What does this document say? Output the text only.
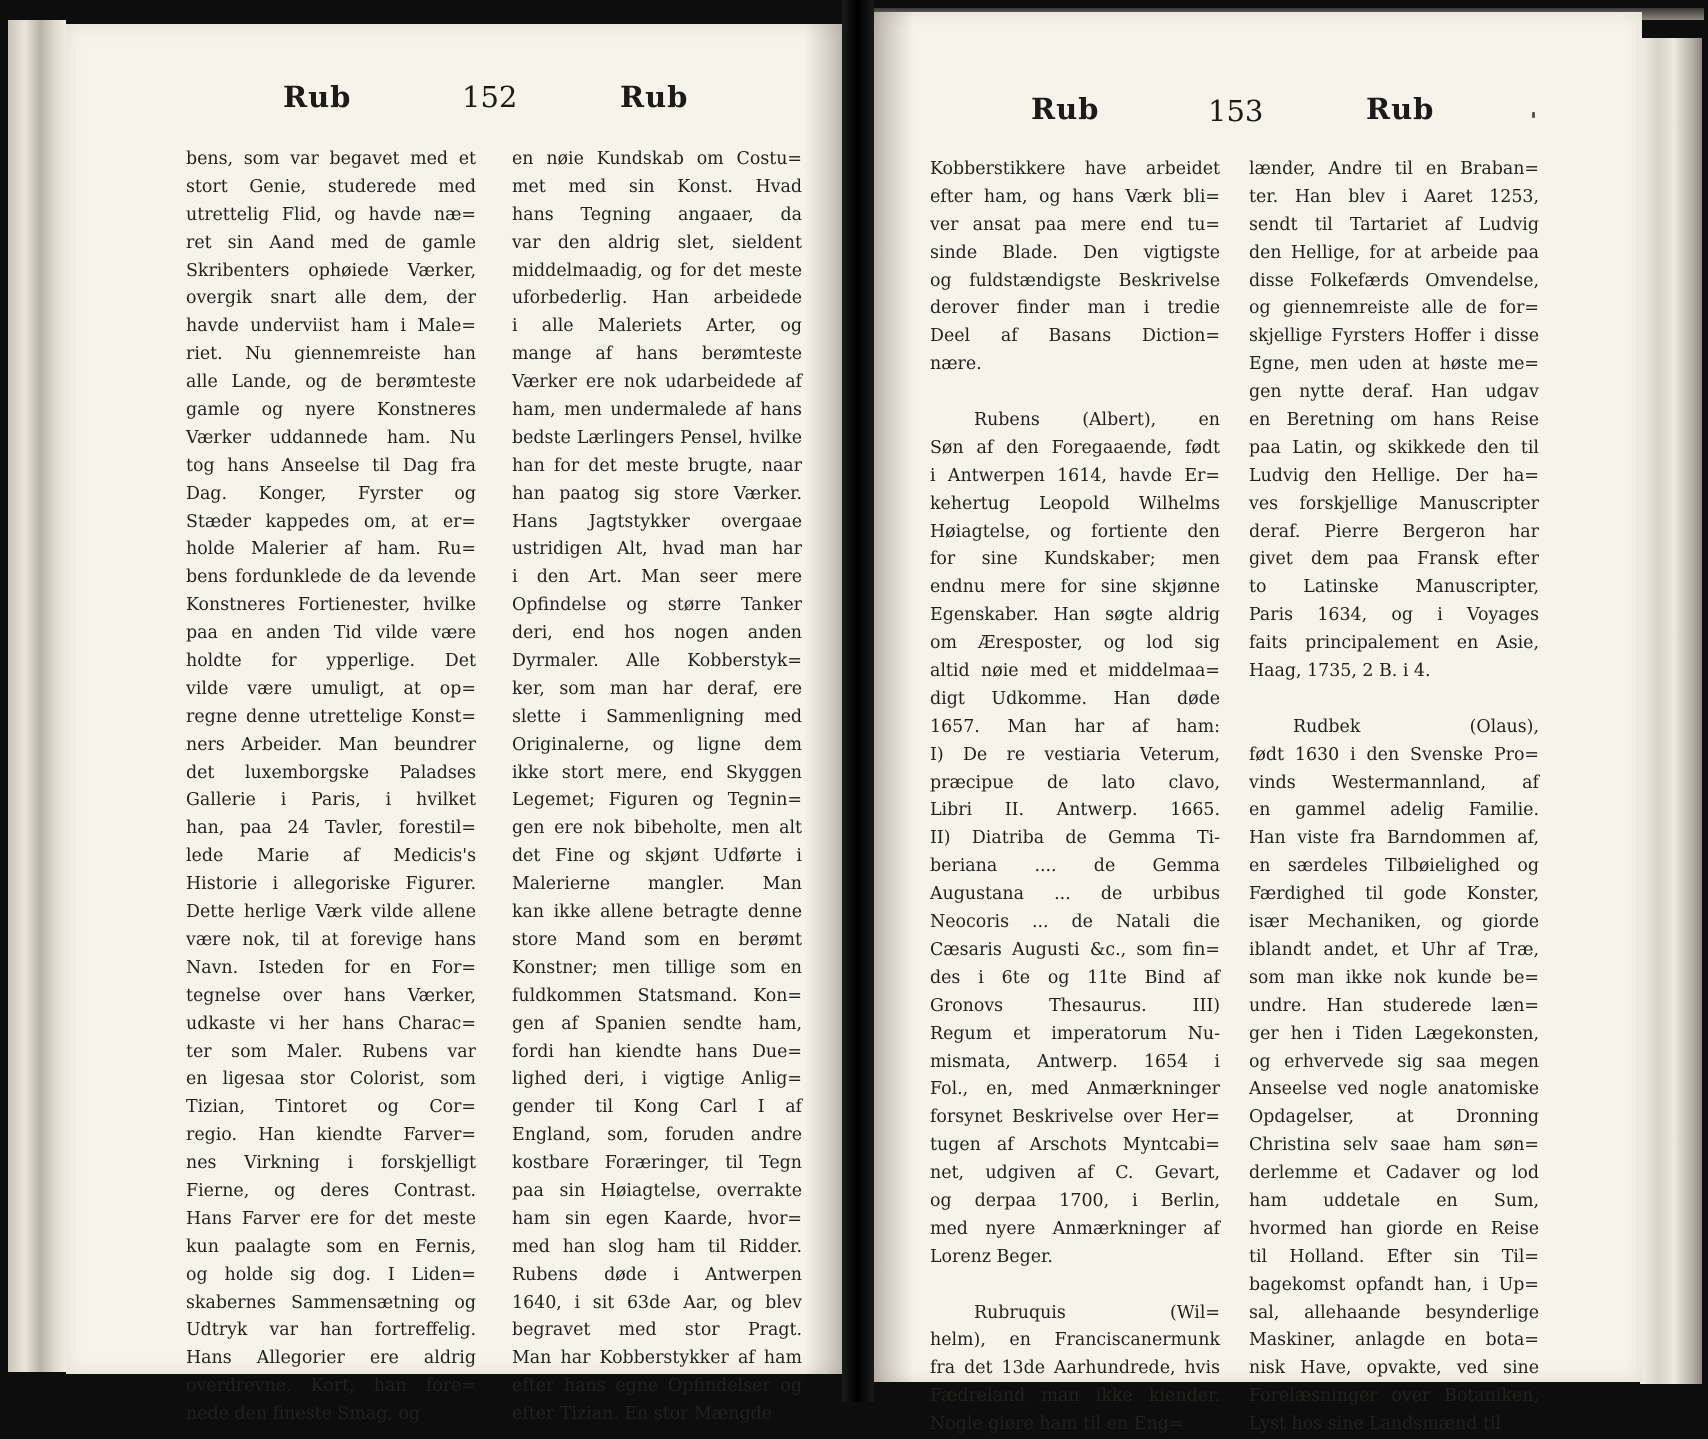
Rub	152	Rub
bens, som var begavet med et
stort Genie, studerede med
utrettelig Flid, og havde næ=
ret sin Aand med de gamle
Skribenters ophøiede Værker,
overgik snart alle dem, der
havde underviist ham i Male=
riet. Nu giennemreiste han
alle Lande, og de berømteste
gamle og nyere Konstneres
Værker uddannede ham. Nu
tog hans Anseelse til Dag fra
Dag. Konger, Fyrster og
Stæder kappedes om, at er=
holde Malerier af ham. Ru=
bens fordunklede de da levende
Konstneres Fortienester, hvilke
paa en anden Tid vilde være
holdte for ypperlige. Det
vilde være umuligt, at op=
regne denne utrettelige Konst=
ners Arbeider. Man beundrer
det luxemborgske Paladses
Gallerie i Paris, i hvilket
han, paa 24 Tavler, forestil=
lede Marie af Medicis's
Historie i allegoriske Figurer.
Dette herlige Værk vilde allene
være nok, til at forevige hans
Navn. Isteden for en For=
tegnelse over hans Værker,
udkaste vi her hans Charac=
ter som Maler. Rubens var
en ligesaa stor Colorist, som
Tizian, Tintoret og Cor=
regio. Han kiendte Farver=
nes Virkning i forskjelligt
Fierne, og deres Contrast.
Hans Farver ere for det meste
kun paalagte som en Fernis,
og holde sig dog. I Liden=
skabernes Sammensætning og
Udtryk var han fortreffelig.
Hans Allegorier ere aldrig
overdrevne. Kort, han fore=
nede den fineste Smag, og
en nøie Kundskab om Costu=
met med sin Konst. Hvad
hans Tegning angaaer, da
var den aldrig slet, sieldent
middelmaadig, og for det meste
uforbederlig. Han arbeidede
i alle Maleriets Arter, og
mange af hans berømteste
Værker ere nok udarbeidede af
ham, men undermalede af hans
bedste Lærlingers Pensel, hvilke
han for det meste brugte, naar
han paatog sig store Værker.
Hans Jagtstykker overgaae
ustridigen Alt, hvad man har
i den Art. Man seer mere
Opfindelse og større Tanker
deri, end hos nogen anden
Dyrmaler. Alle Kobberstyk=
ker, som man har deraf, ere
slette i Sammenligning med
Originalerne, og ligne dem
ikke stort mere, end Skyggen
Legemet; Figuren og Tegnin=
gen ere nok bibeholte, men alt
det Fine og skjønt Udførte i
Malerierne mangler. Man
kan ikke allene betragte denne
store Mand som en berømt
Konstner; men tillige som en
fuldkommen Statsmand. Kon=
gen af Spanien sendte ham,
fordi han kiendte hans Due=
lighed deri, i vigtige Anlig=
gender til Kong Carl I af
England, som, foruden andre
kostbare Foræringer, til Tegn
paa sin Høiagtelse, overrakte
ham sin egen Kaarde, hvor=
med han slog ham til Ridder.
Rubens døde i Antwerpen
1640, i sit 63de Aar, og blev
begravet med stor Pragt.
Man har Kobberstykker af ham
efter hans egne Opfindelser og
efter Tizian. En stor Mængde
Rub	153	Rub
Kobberstikkere have arbeidet
efter ham, og hans Værk bli=
ver ansat paa mere end tu=
sinde Blade. Den vigtigste
og fuldstændigste Beskrivelse
derover finder man i tredie
Deel af Basans Diction=
nære.
Rubens (Albert), en
Søn af den Foregaaende, født
i Antwerpen 1614, havde Er=
kehertug Leopold Wilhelms
Høiagtelse, og fortiente den
for sine Kundskaber; men
endnu mere for sine skjønne
Egenskaber. Han søgte aldrig
om Æresposter, og lod sig
altid nøie med et middelmaa=
digt Udkomme. Han døde
1657. Man har af ham:
I) De re vestiaria Veterum,
præcipue de lato clavo,
Libri II. Antwerp. 1665.
II) Diatriba de Gemma Ti-
beriana .... de Gemma
Augustana ... de urbibus
Neocoris ... de Natali die
Cæsaris Augusti &c., som fin=
des i 6te og 11te Bind af
Gronovs Thesaurus. III)
Regum et imperatorum Nu-
mismata, Antwerp. 1654 i
Fol., en, med Anmærkninger
forsynet Beskrivelse over Her=
tugen af Arschots Myntcabi=
net, udgiven af C. Gevart,
og derpaa 1700, i Berlin,
med nyere Anmærkninger af
Lorenz Beger.
Rubruquis (Wil=
helm), en Franciscanermunk
fra det 13de Aarhundrede, hvis
Fædreland man ikke kiender.
Nogle giøre ham til en Eng=
lænder, Andre til en Braban=
ter. Han blev i Aaret 1253,
sendt til Tartariet af Ludvig
den Hellige, for at arbeide paa
disse Folkefærds Omvendelse,
og giennemreiste alle de for=
skjellige Fyrsters Hoffer i disse
Egne, men uden at høste me=
gen nytte deraf. Han udgav
en Beretning om hans Reise
paa Latin, og skikkede den til
Ludvig den Hellige. Der ha=
ves forskjellige Manuscripter
deraf. Pierre Bergeron har
givet dem paa Fransk efter
to Latinske Manuscripter,
Paris 1634, og i Voyages
faits principalement en Asie,
Haag, 1735, 2 B. i 4.
Rudbek (Olaus),
født 1630 i den Svenske Pro=
vinds Westermannland, af
en gammel adelig Familie.
Han viste fra Barndommen af,
en særdeles Tilbøielighed og
Færdighed til gode Konster,
især Mechaniken, og giorde
iblandt andet, et Uhr af Træ,
som man ikke nok kunde be=
undre. Han studerede læn=
ger hen i Tiden Lægekonsten,
og erhvervede sig saa megen
Anseelse ved nogle anatomiske
Opdagelser, at Dronning
Christina selv saae ham søn=
derlemme et Cadaver og lod
ham uddetale en Sum,
hvormed han giorde en Reise
til Holland. Efter sin Til=
bagekomst opfandt han, i Up=
sal, allehaande besynderlige
Maskiner, anlagde en bota=
nisk Have, opvakte, ved sine
Forelæsninger over Botaniken,
Lyst hos sine Landsmænd til
